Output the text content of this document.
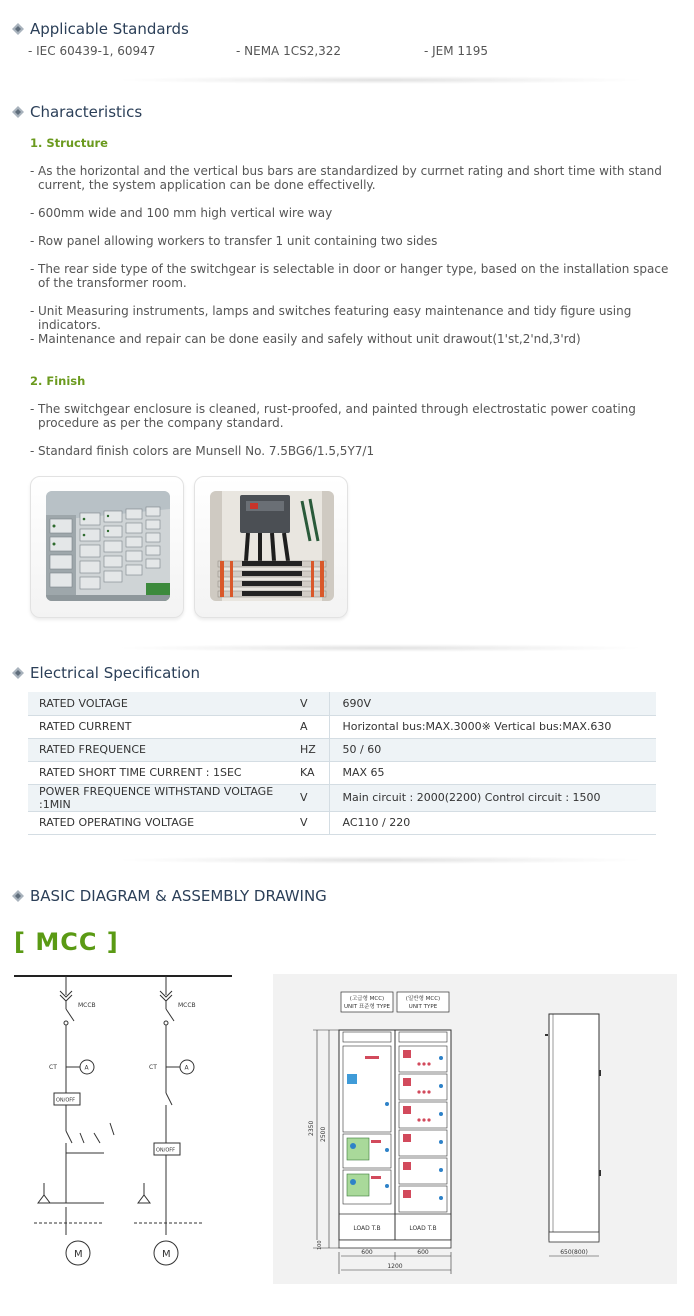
Applicable Standards
- IEC 60439-1, 60947	- NEMA 1CS2,322	- JEM 1195
Characteristics
1. Structure
- As the horizontal and the vertical bus bars are standardized by currnet rating and short time with stand current, the system application can be done effectivelly.
- 600mm wide and 100 mm high vertical wire way
- Row panel allowing workers to transfer 1 unit containing two sides
- The rear side type of the switchgear is selectable in door or hanger type, based on the installation space of the transformer room.
- Unit Measuring instruments, lamps and switches featuring easy maintenance and tidy figure using indicators.
- Maintenance and repair can be done easily and safely without unit drawout(1'st,2'nd,3'rd)
2. Finish
- The switchgear enclosure is cleaned, rust-proofed, and painted through electrostatic power coating procedure as per the company standard.
- Standard finish colors are Munsell No. 7.5BG6/1.5,5Y7/1
Electrical Specification
RATED VOLTAGE	V	690V
RATED CURRENT	A	Horizontal bus:MAX.3000※ Vertical bus:MAX.630
RATED FREQUENCE	HZ	50 / 60
RATED SHORT TIME CURRENT : 1SEC	KA	MAX 65
POWER FREQUENCE WITHSTAND VOLTAGE :1MIN	V	Main circuit : 2000(2200) Control circuit : 1500
RATED OPERATING VOLTAGE	V	AC110 / 220
BASIC DIAGRAM & ASSEMBLY DRAWING
[ MCC ]
MCCB	MCCB
CT	CT
A	A
ON/OFF
ON/OFF
M	M
(고급형 MCC)
UNIT 표준형 TYPE
(일반형 MCC)
UNIT TYPE
LOAD T.B	LOAD T.B
2350 2500
100
600	600
1200
650(800)
